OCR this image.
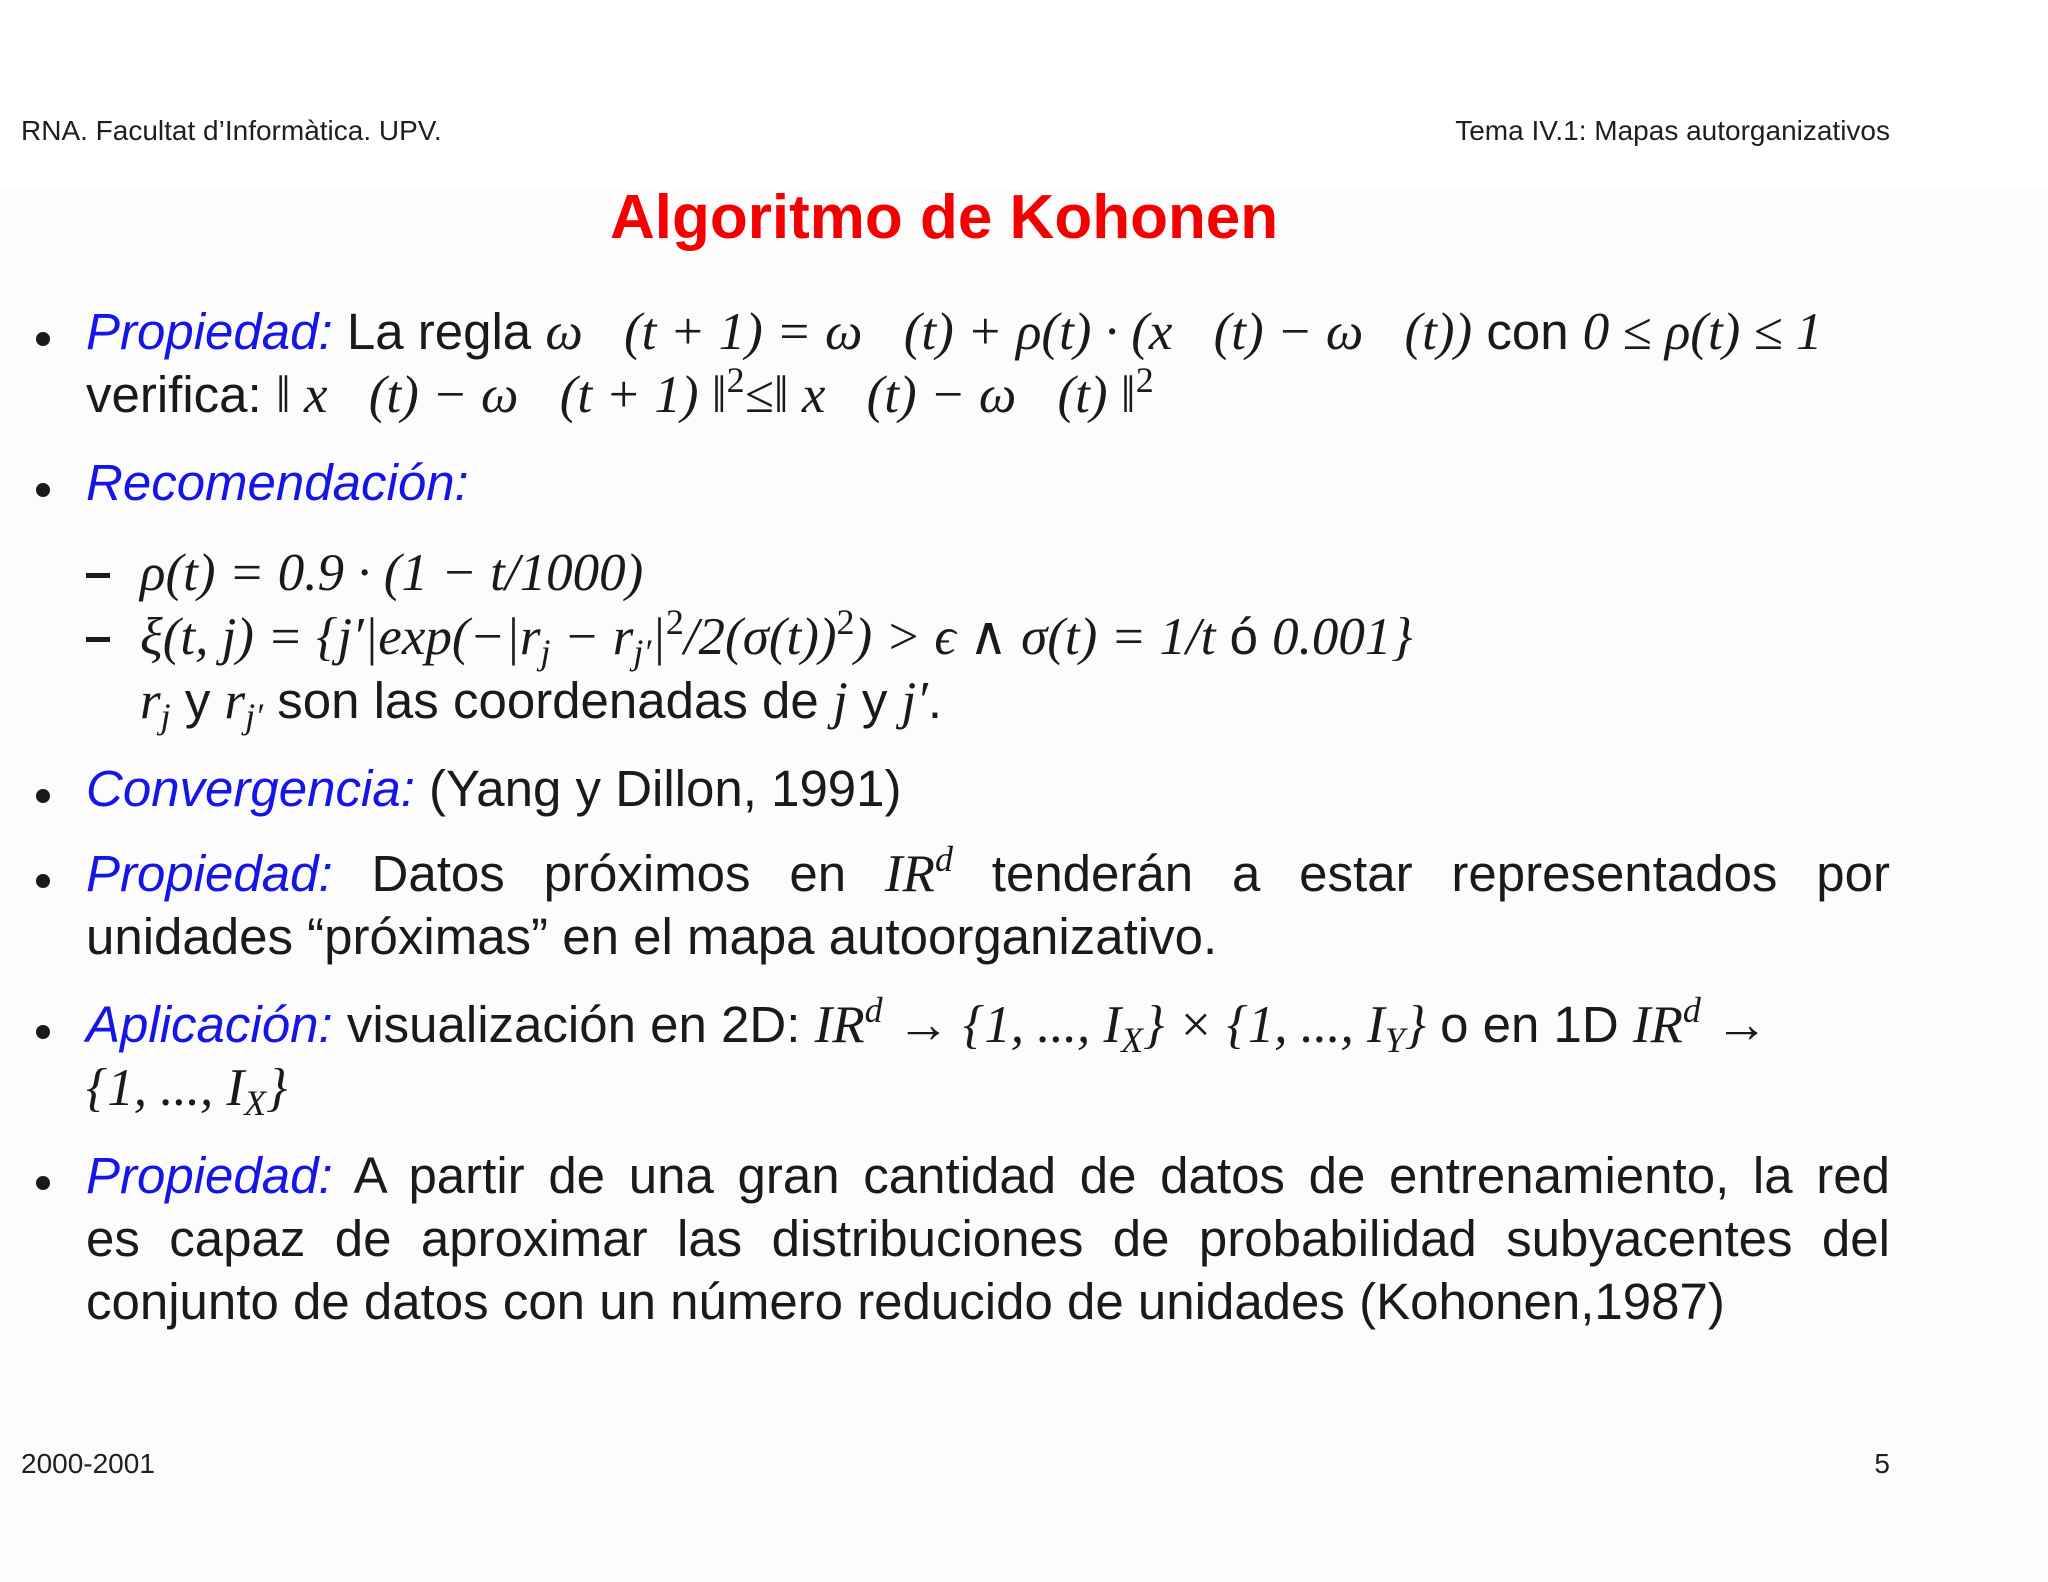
RNA. Facultat d’Informàtica. UPV.	Tema IV.1: Mapas autorganizativos
Algoritmo de Kohonen
Propiedad: La regla ω⃗(t + 1) = ω⃗(t) + ρ(t) · (x⃗(t) − ω⃗(t)) con 0 ≤ ρ(t) ≤ 1
verifica: ‖ x⃗(t) − ω⃗(t + 1) ‖$^2$≤‖ x⃗(t) − ω⃗(t) ‖$^2$
Recomendación:
ρ(t) = 0.9 · (1 − t/1000)
ξ(t, $j) = \{j'|\exp(-|rj - rj'|^2/2(\sigma(t))^2) > \epsilon$ ∧ σ(t) = 1/t ó 0.001}
rj y rj′ son las coordenadas de j y j′.
Convergencia: (Yang y Dillon, 1991)
Propiedad: Datos próximos en $IR^d$ tenderán a estar representados por
unidades “próximas” en el mapa autoorganizativo.
Aplicación: visualización en 2D: $IR^d \to \{1$, ..., IX} × {1, ..., IY} o en 1D $IR^d$ →
{1, ..., IX}
Propiedad: A partir de una gran cantidad de datos de entrenamiento, la red
es capaz de aproximar las distribuciones de probabilidad subyacentes del
conjunto de datos con un número reducido de unidades (Kohonen,1987)
2000-2001	5
